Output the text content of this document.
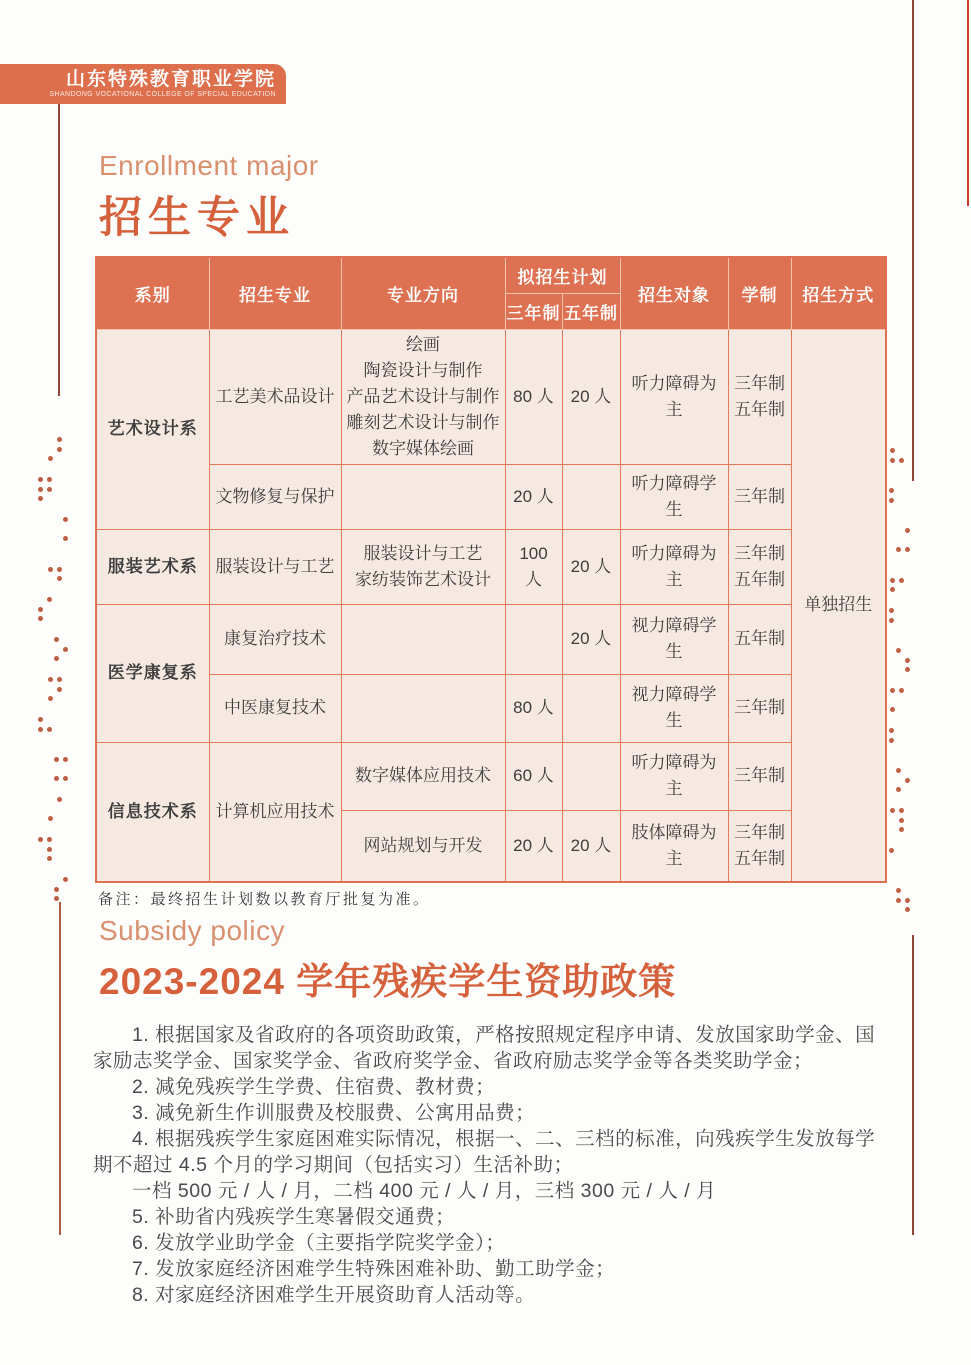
山东特殊教育职业学院
SHANDONG VOCATIONAL COLLEGE OF SPECIAL EDUCATION
Enrollment major
招生专业
系别	招生专业	专业方向	拟招生计划		招生对象	学制	招生方式
			三年制	五年制			
艺术设计系	工艺美术品设计	绘画
陶瓷设计与制作
产品艺术设计与制作
雕刻艺术设计与制作
数字媒体绘画	80 人	20 人	听力障碍为主	三年制
五年制	单独招生
	文物修复与保护		20 人		听力障碍学生	三年制	
服装艺术系	服装设计与工艺	服装设计与工艺
家纺装饰艺术设计	100 人	20 人	听力障碍为主	三年制
五年制	
医学康复系	康复治疗技术			20 人	视力障碍学生	五年制	
	中医康复技术		80 人		视力障碍学生	三年制	
信息技术系	计算机应用技术	数字媒体应用技术	60 人		听力障碍为主	三年制	
		网站规划与开发	20 人	20 人	肢体障碍为主	三年制
五年制	
备注：最终招生计划数以教育厅批复为准。
Subsidy policy
2023-2024 学年残疾学生资助政策

1. 根据国家及省政府的各项资助政策，严格按照规定程序申请、发放国家助学金、国家励志奖学金、国家奖学金、省政府奖学金、省政府励志奖学金等各类奖助学金；

2. 减免残疾学生学费、住宿费、教材费；

3. 减免新生作训服费及校服费、公寓用品费；

4. 根据残疾学生家庭困难实际情况，根据一、二、三档的标准，向残疾学生发放每学期不超过 4.5 个月的学习期间（包括实习）生活补助；

一档 500 元 / 人 / 月，二档 400 元 / 人 / 月，三档 300 元 / 人 / 月

5. 补助省内残疾学生寒暑假交通费；

6. 发放学业助学金（主要指学院奖学金）；

7. 发放家庭经济困难学生特殊困难补助、勤工助学金；

8. 对家庭经济困难学生开展资助育人活动等。
